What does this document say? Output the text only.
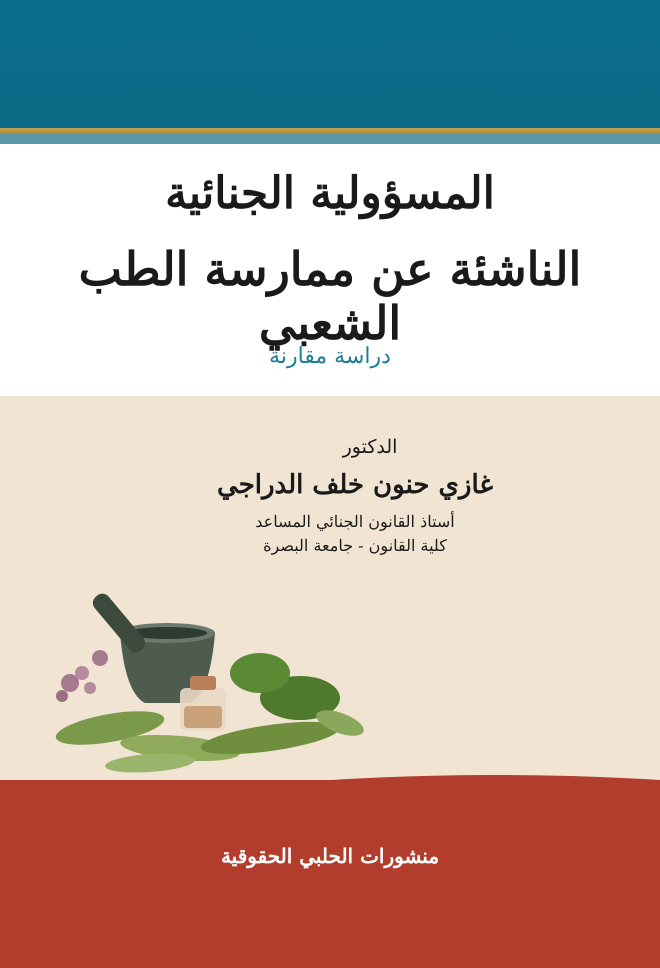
المسؤولية الجنائية
الناشئة عن ممارسة الطب الشعبي
دراسة مقارنة
الدكتور
غازي حنون خلف الدراجي
أستاذ القانون الجنائي المساعد
كلية القانون - جامعة البصرة
منشورات الحلبي الحقوقية
